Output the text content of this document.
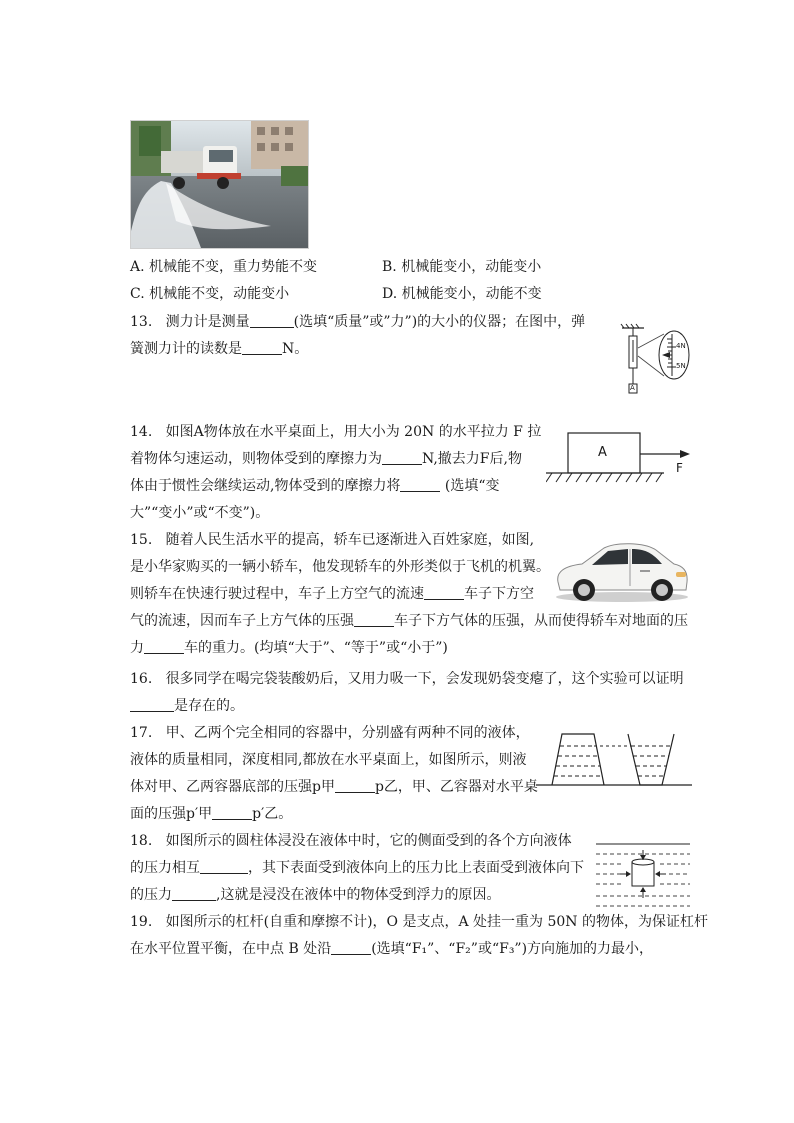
A. 机械能不变，重力势能不变	B. 机械能变小，动能变小
C. 机械能不变，动能变小	D. 机械能变小，动能不变
13. 测力计是测量	(选填“质量”或”力”)的大小的仪器；在图中，弹
簧测力计的读数是	N。	4N
5N
A
14. 如图A物体放在水平桌面上，用大小为 20N 的水平拉力 F 拉
着物体匀速运动，则物体受到的摩擦力为	N,撤去力F后,物
体由于惯性会继续运动,物体受到的摩擦力将	(选填“变
大”“变小”或“不变”)。
A
F
15. 随着人民生活水平的提高，轿车已逐渐进入百姓家庭，如图,
是小华家购买的一辆小轿车，他发现轿车的外形类似于飞机的机翼。
则轿车在快速行驶过程中，车子上方空气的流速	车子下方空
气的流速，因而车子上方气体的压强	车子下方气体的压强，从而使得轿车对地面的压
力	车的重力。(均填“大于”、“等于”或“小于”)
16. 很多同学在喝完袋装酸奶后，又用力吸一下，会发现奶袋变瘪了，这个实验可以证明
是存在的。
17. 甲、乙两个完全相同的容器中，分别盛有两种不同的液体，
液体的质量相同，深度相同,都放在水平桌面上，如图所示，则液
体对甲、乙两容器底部的压强p甲	p乙，甲、乙容器对水平桌
面的压强p′甲	p′乙。
18. 如图所示的圆柱体浸没在液体中时，它的侧面受到的各个方向液体
的压力相互	，其下表面受到液体向上的压力比上表面受到液体向下
的压力	,这就是浸没在液体中的物体受到浮力的原因。
19. 如图所示的杠杆(自重和摩擦不计)，O 是支点，A 处挂一重为 50N 的物体，为保证杠杆
在水平位置平衡，在中点 B 处沿	(选填“F₁”、“F₂”或“F₃”)方向施加的力最小，
